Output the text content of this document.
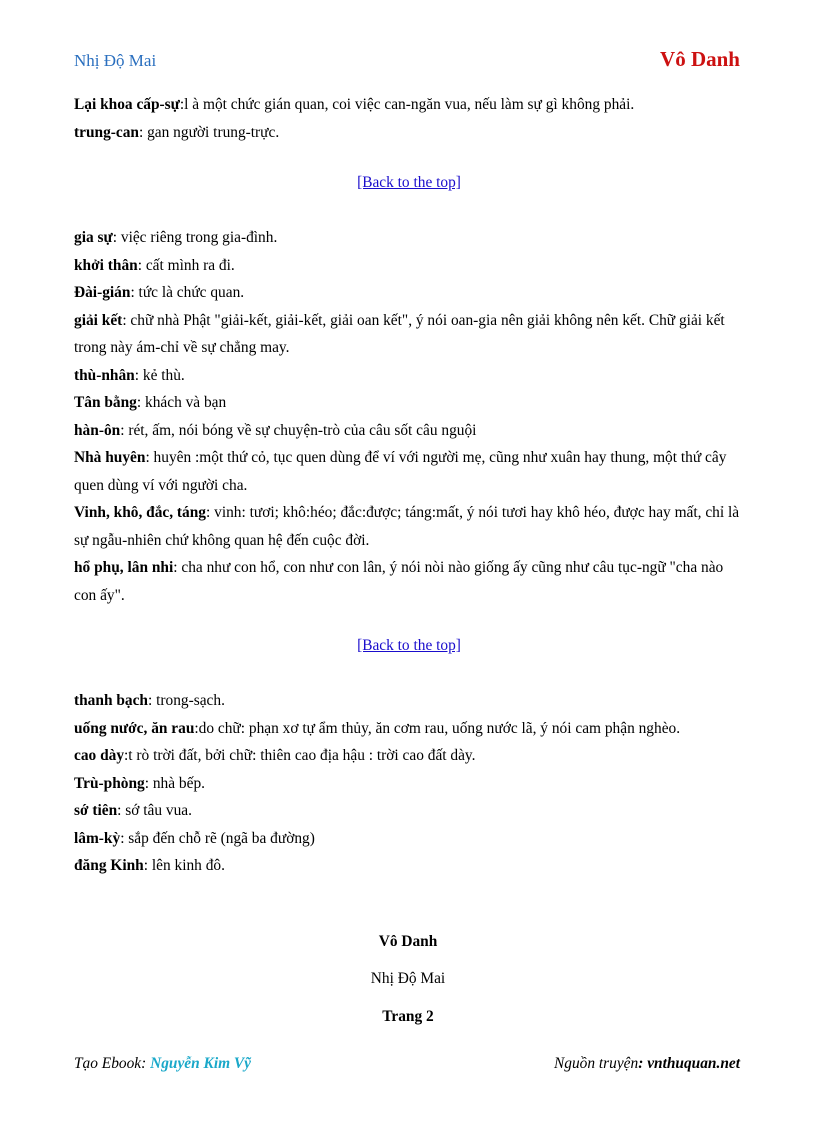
Nhị Độ Mai	Vô Danh

Lại khoa cấp-sự:l à một chức gián quan, coi việc can-ngăn vua, nếu làm sự gì không phải.

trung-can: gan người trung-trực.

[Back to the top]

gia sự: việc riêng trong gia-đình.

khởi thân: cất mình ra đi.

Đài-gián: tức là chức quan.

giải kết: chữ nhà Phật "giải-kết, giải-kết, giải oan kết", ý nói oan-gia nên giải không nên kết. Chữ giải kết trong này ám-chỉ về sự chẳng may.

thù-nhân: kẻ thù.

Tân bằng: khách và bạn

hàn-ôn: rét, ấm, nói bóng về sự chuyện-trò của câu sốt câu nguội

Nhà huyên: huyên :một thứ cỏ, tục quen dùng để ví với người mẹ, cũng như xuân hay thung, một thứ cây quen dùng ví với người cha.

Vinh, khô, đắc, táng: vinh: tươi; khô:héo; đắc:được; táng:mất, ý nói tươi hay khô héo, được hay mất, chỉ là sự ngẫu-nhiên chứ không quan hệ đến cuộc đời.

hổ phụ, lân nhi: cha như con hổ, con như con lân, ý nói nòi nào giống ấy cũng như câu tục-ngữ "cha nào con ấy".

[Back to the top]

thanh bạch: trong-sạch.

uống nước, ăn rau:do chữ: phạn xơ tự ẩm thủy, ăn cơm rau, uống nước lã, ý nói cam phận nghèo.

cao dày:t rò trời đất, bởi chữ: thiên cao địa hậu : trời cao đất dày.

Trù-phòng: nhà bếp.

sớ tiên: sớ tâu vua.

lâm-kỳ: sắp đến chỗ rẽ (ngã ba đường)

đăng Kinh: lên kinh đô.

Vô Danh
Nhị Độ Mai
Trang 2
Tạo Ebook: Nguyễn Kim Vỹ	Nguồn truyện: vnthuquan.net
